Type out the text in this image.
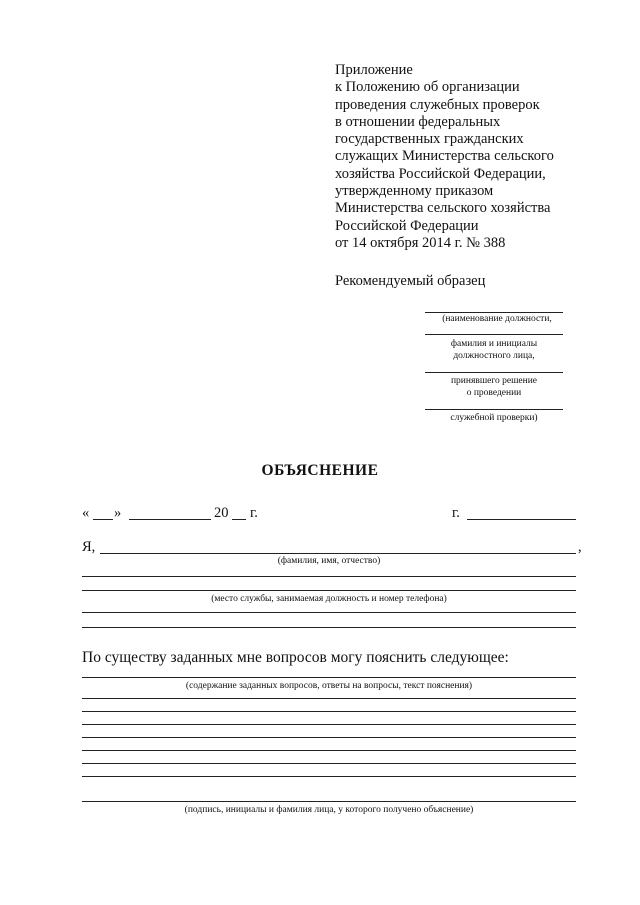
Приложение
к Положению об организации
проведения служебных проверок
в отношении федеральных
государственных гражданских
служащих Министерства сельского
хозяйства Российской Федерации,
утвержденному приказом
Министерства сельского хозяйства
Российской Федерации
от 14 октября 2014 г. № 388
Рекомендуемый образец
(наименование должности,
фамилия и инициалы
должностного лица,
принявшего решение
о проведении
служебной проверки)
ОБЪЯСНЕНИЕ
« »	20 г.	г.
Я,	,
(фамилия, имя, отчество)
(место службы, занимаемая должность и номер телефона)
По существу заданных мне вопросов могу пояснить следующее:
(содержание заданных вопросов, ответы на вопросы, текст пояснения)
(подпись, инициалы и фамилия лица, у которого получено объяснение)
